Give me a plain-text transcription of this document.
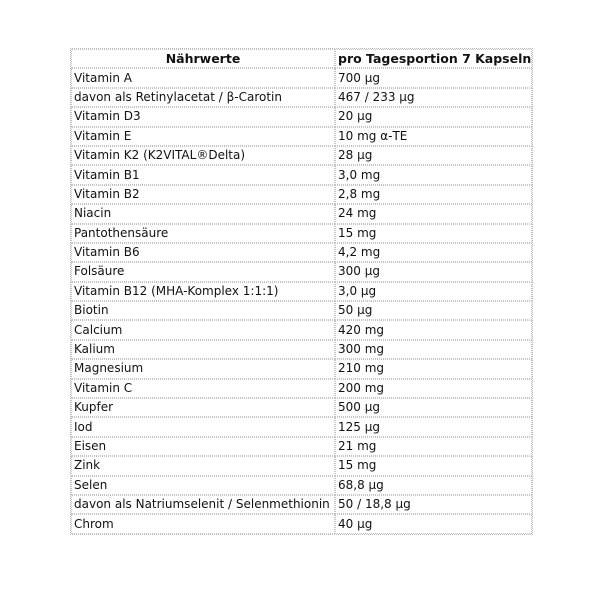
Nährwerte	pro Tagesportion 7 Kapseln
Vitamin A	700 µg
davon als Retinylacetat / β-Carotin	467 / 233 µg
Vitamin D3	20 µg
Vitamin E	10 mg α-TE
Vitamin K2 (K2VITAL®Delta)	28 µg
Vitamin B1	3,0 mg
Vitamin B2	2,8 mg
Niacin	24 mg
Pantothensäure	15 mg
Vitamin B6	4,2 mg
Folsäure	300 µg
Vitamin B12 (MHA-Komplex 1:1:1)	3,0 µg
Biotin	50 µg
Calcium	420 mg
Kalium	300 mg
Magnesium	210 mg
Vitamin C	200 mg
Kupfer	500 µg
Iod	125 µg
Eisen	21 mg
Zink	15 mg
Selen	68,8 µg
davon als Natriumselenit / Selenmethionin	50 / 18,8 µg
Chrom	40 µg
